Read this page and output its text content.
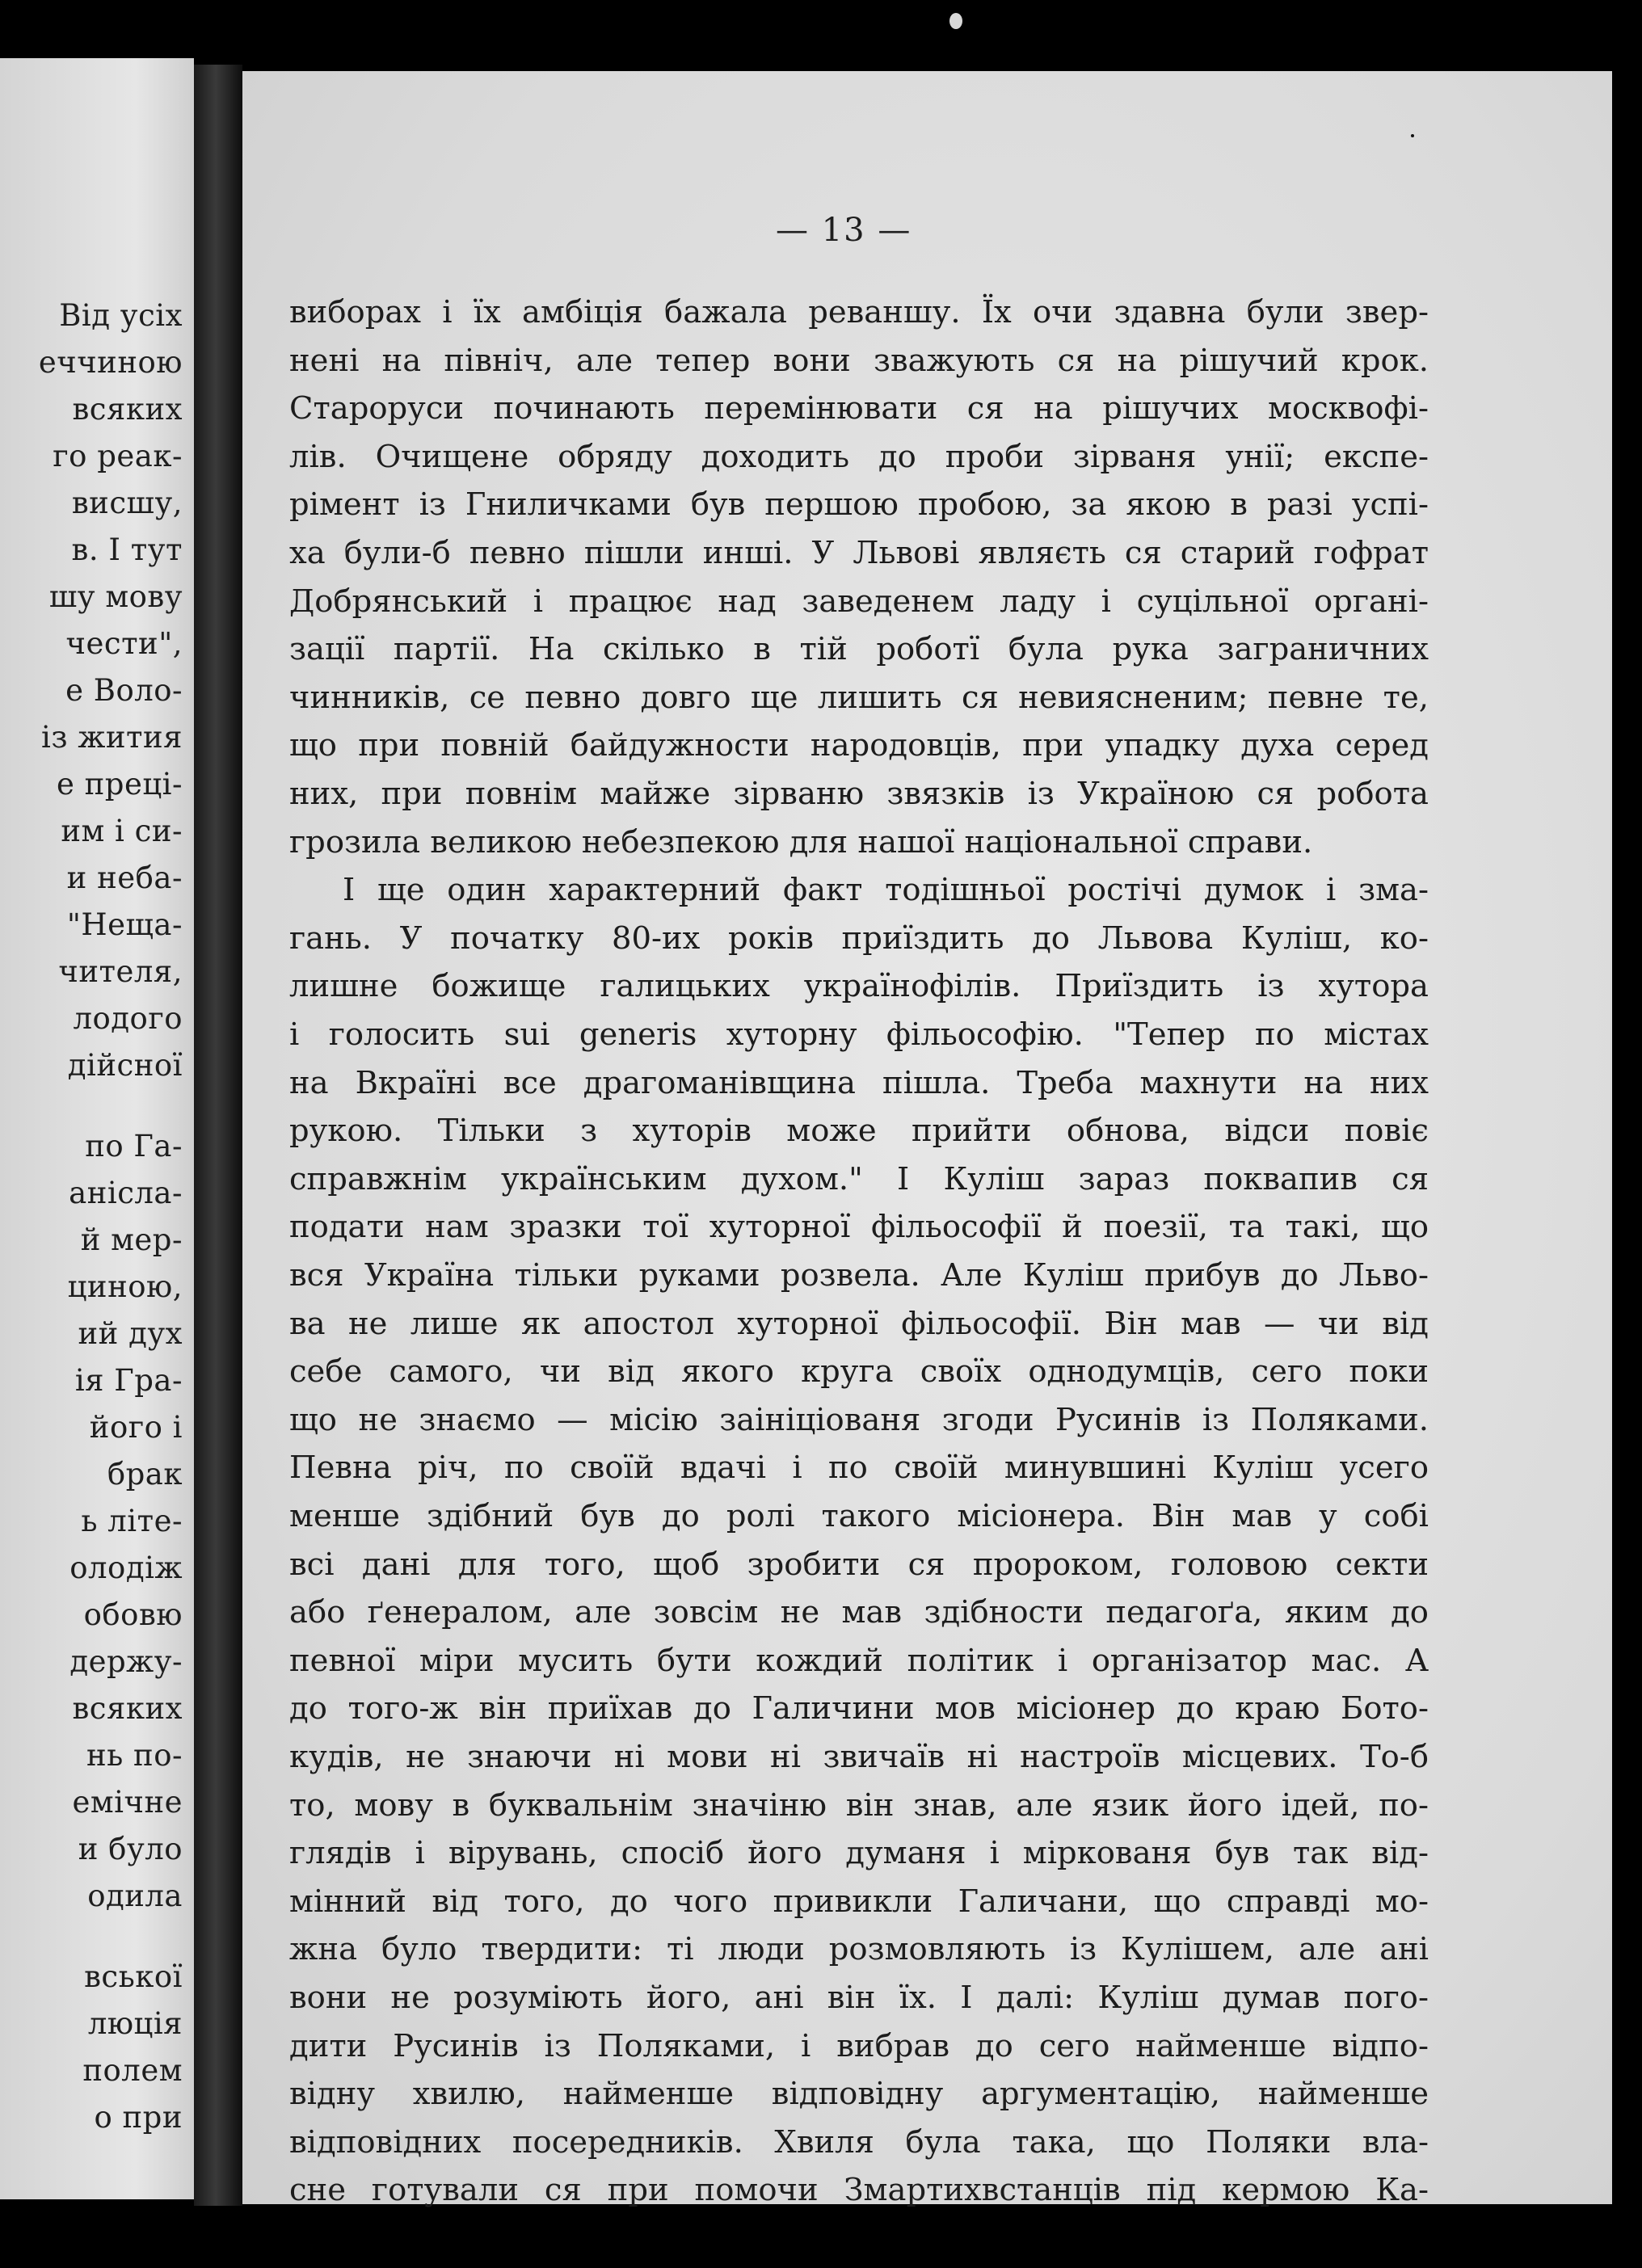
Від усіх
еччиною
всяких
го реак-
висшу,
в. І тут
шу мову
чести",
е Воло-
із жития
е преці-
им і си-
и неба-
"Неща-
чителя,
лодого
дійсної
по Га-
аніслa-
й мер-
циною,
ий дух
ія Гра-
його і
брак
ь літе-
олодіж
обовю
держу-
всяких
нь по-
емічне
и було
одила
вської
люція
полем
о при
— 13 —
виборах і їх амбіція бажала реваншу. Їх очи здавна були звер-
нені на північ, але тепер вони зважують ся на рішучий крок.
Старoруси починають перемінювати ся на рішучих москвофі-
лів. Очищене обряду доходить до проби зірваня унії; експе-
рімент із Гниличками був першою пробою, за якою в разі успі-
ха були-б певно пішли инші. У Львові являєть ся старий гофрат
Добрянський і працює над заведенем ладу і суцільної органі-
зації партії. На скілько в тій роботї була рука заграничних
чинників, се певно довго ще лишить ся невиясненим; певне те,
що при повній байдужности народовців, при упадку духа серед
них, при повнім майже зірваню звязків із Україною ся робота
грозила великою небезпекою для нашої національної справи.
І ще один характерний факт тодішньої ростічі думок і зма-
гань. У початку 80-их років приїздить до Львова Куліш, ко-
лишне божище галицьких українофілів. Приїздить із хутора
і голосить sui generis хуторну фільософію. "Тепер по містах
на Вкраїні все драгоманівщина пішла. Треба махнути на них
рукою. Тільки з хуторів може прийти обнова, відси повіє
справжнім українським духом." І Куліш зараз поквапив ся
подати нам зразки тої хуторної фільософії й поезії, та такі, що
вся Україна тільки руками розвела. Але Куліш прибув до Льво-
ва не лише як апостол хуторної фільософії. Він мав — чи від
себе самого, чи від якого круга своїх однодумців, сего поки
що не знаємо — місію заініціованя згоди Русинів із Поляками.
Певна річ, по своїй вдачі і по своїй минувшині Куліш усего
менше здібний був до ролі такого місіонера. Він мав у собі
всі дані для того, щоб зробити ся пророком, головою секти
або ґенералом, але зовсім не мав здібности педагоґа, яким до
певної міри мусить бути кождий політик і організатор мас. А
до того-ж він приїхав до Галичини мов місіонер до краю Бото-
кудів, не знаючи ні мови ні звичаїв ні настроїв місцевих. То-б
то, мову в буквальнім значіню він знав, але язик його ідей, по-
глядів і вірувань, спосіб його думаня і міркованя був так від-
мінний від того, до чого привикли Галичани, що справді мо-
жна було твердити: ті люди розмовляють із Кулішем, але ані
вони не розуміють його, ані він їх. І далі: Куліш думав пого-
дити Русинів із Поляками, і вибрав до сего найменше відпо-
відну хвилю, найменше відповідну аргументацію, найменше
відповідних посередників. Хвиля була така, що Поляки вла-
сне готували ся при помочи Змартихвстанців під кермою Ка-
